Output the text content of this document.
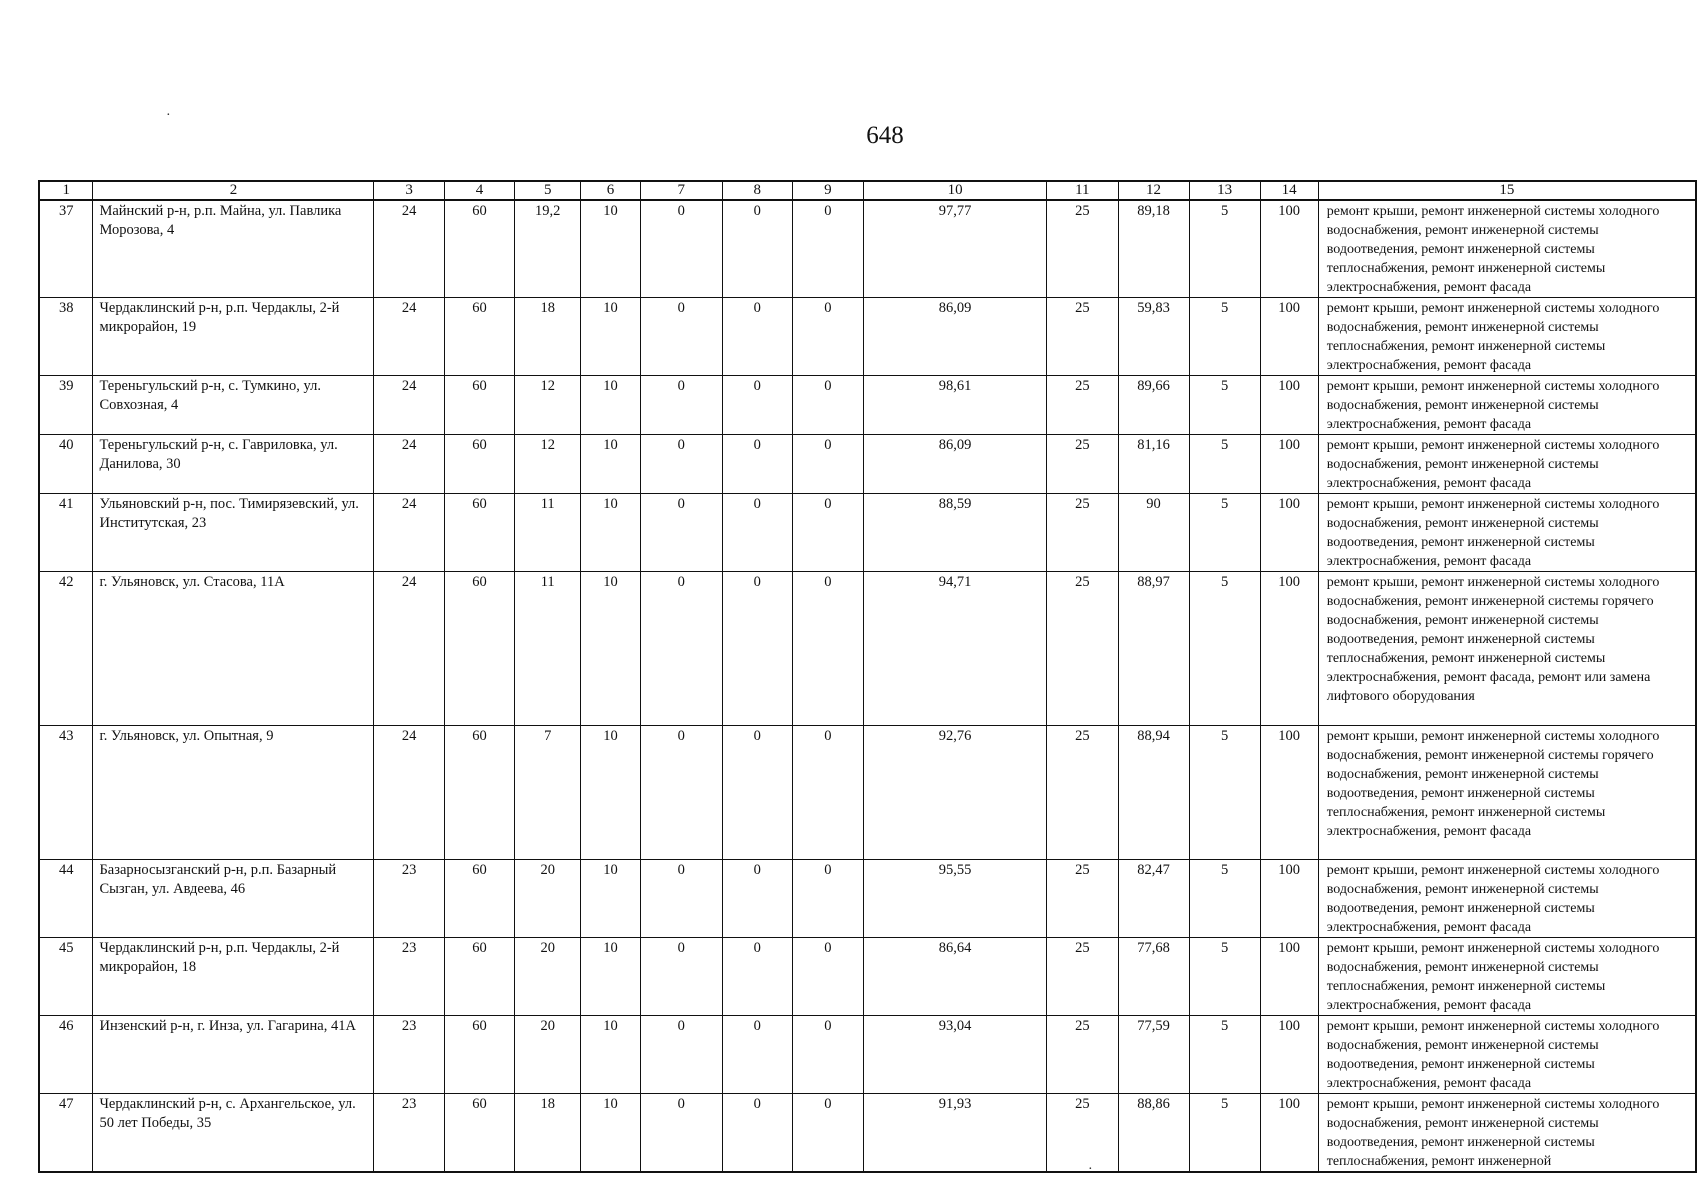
648
1	2	3	4	5	6	7	8	9	10	11	12	13	14	15
37	Майнский р-н, р.п. Майна, ул. Павлика Морозова, 4	24	60	19,2	10	0	0	0	97,77	25	89,18	5	100	ремонт крыши, ремонт инженерной системы холодного водоснабжения, ремонт инженерной системы водоотведения, ремонт инженерной системы теплоснабжения, ремонт инженерной системы электроснабжения, ремонт фасада
38	Чердаклинский р-н, р.п. Чердаклы, 2-й микрорайон, 19	24	60	18	10	0	0	0	86,09	25	59,83	5	100	ремонт крыши, ремонт инженерной системы холодного водоснабжения, ремонт инженерной системы теплоснабжения, ремонт инженерной системы электроснабжения, ремонт фасада
39	Тереньгульский р-н, с. Тумкино, ул. Совхозная, 4	24	60	12	10	0	0	0	98,61	25	89,66	5	100	ремонт крыши, ремонт инженерной системы холодного водоснабжения, ремонт инженерной системы электроснабжения, ремонт фасада
40	Тереньгульский р-н, с. Гавриловка, ул. Данилова, 30	24	60	12	10	0	0	0	86,09	25	81,16	5	100	ремонт крыши, ремонт инженерной системы холодного водоснабжения, ремонт инженерной системы электроснабжения, ремонт фасада
41	Ульяновский р-н, пос. Тимирязевский, ул. Институтская, 23	24	60	11	10	0	0	0	88,59	25	90	5	100	ремонт крыши, ремонт инженерной системы холодного водоснабжения, ремонт инженерной системы водоотведения, ремонт инженерной системы электроснабжения, ремонт фасада
42	г. Ульяновск, ул. Стасова, 11А	24	60	11	10	0	0	0	94,71	25	88,97	5	100	ремонт крыши, ремонт инженерной системы холодного водоснабжения, ремонт инженерной системы горячего водоснабжения, ремонт инженерной системы водоотведения, ремонт инженерной системы теплоснабжения, ремонт инженерной системы электроснабжения, ремонт фасада, ремонт или замена лифтового оборудования
43	г. Ульяновск, ул. Опытная, 9	24	60	7	10	0	0	0	92,76	25	88,94	5	100	ремонт крыши, ремонт инженерной системы холодного водоснабжения, ремонт инженерной системы горячего водоснабжения, ремонт инженерной системы водоотведения, ремонт инженерной системы теплоснабжения, ремонт инженерной системы электроснабжения, ремонт фасада
44	Базарносызганский р-н, р.п. Базарный Сызган, ул. Авдеева, 46	23	60	20	10	0	0	0	95,55	25	82,47	5	100	ремонт крыши, ремонт инженерной системы холодного водоснабжения, ремонт инженерной системы водоотведения, ремонт инженерной системы электроснабжения, ремонт фасада
45	Чердаклинский р-н, р.п. Чердаклы, 2-й микрорайон, 18	23	60	20	10	0	0	0	86,64	25	77,68	5	100	ремонт крыши, ремонт инженерной системы холодного водоснабжения, ремонт инженерной системы теплоснабжения, ремонт инженерной системы электроснабжения, ремонт фасада
46	Инзенский р-н, г. Инза, ул. Гагарина, 41А	23	60	20	10	0	0	0	93,04	25	77,59	5	100	ремонт крыши, ремонт инженерной системы холодного водоснабжения, ремонт инженерной системы водоотведения, ремонт инженерной системы электроснабжения, ремонт фасада
47	Чердаклинский р-н, с. Архангельское, ул. 50 лет Победы, 35	23	60	18	10	0	0	0	91,93	25	88,86	5	100	ремонт крыши, ремонт инженерной системы холодного водоснабжения, ремонт инженерной системы водоотведения, ремонт инженерной системы теплоснабжения, ремонт инженерной
·
·
